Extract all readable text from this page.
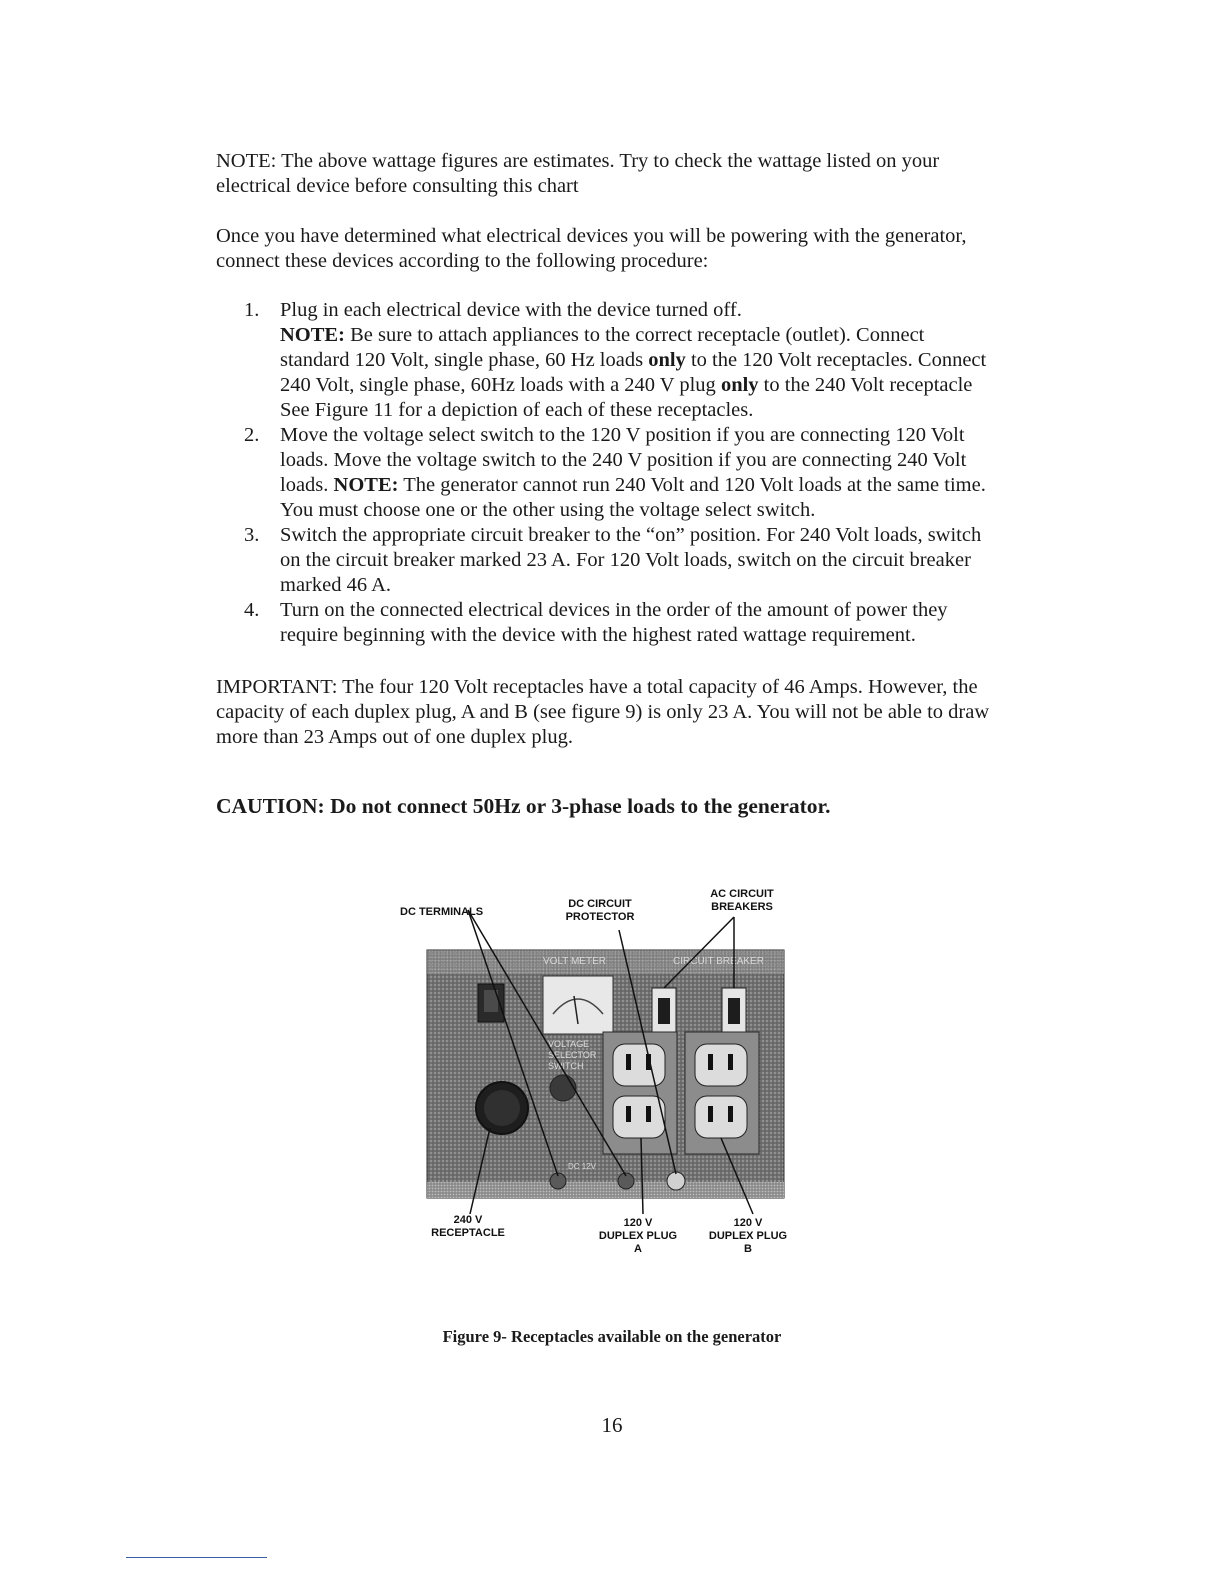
NOTE: The above wattage figures are estimates. Try to check the wattage listed on your electrical device before consulting this chart

Once you have determined what electrical devices you will be powering with the generator, connect these devices according to the following procedure:

1. Plug in each electrical device with the device turned off.
NOTE: Be sure to attach appliances to the correct receptacle (outlet). Connect standard 120 Volt, single phase, 60 Hz loads only to the 120 Volt receptacles. Connect 240 Volt, single phase, 60Hz loads with a 240 V plug only to the 240 Volt receptacle See Figure 11 for a depiction of each of these receptacles.
2. Move the voltage select switch to the 120 V position if you are connecting 120 Volt loads. Move the voltage switch to the 240 V position if you are connecting 240 Volt loads. NOTE: The generator cannot run 240 Volt and 120 Volt loads at the same time. You must choose one or the other using the voltage select switch.
3. Switch the appropriate circuit breaker to the “on” position. For 240 Volt loads, switch on the circuit breaker marked 23 A. For 120 Volt loads, switch on the circuit breaker marked 46 A.
4. Turn on the connected electrical devices in the order of the amount of power they require beginning with the device with the highest rated wattage requirement.

IMPORTANT: The four 120 Volt receptacles have a total capacity of 46 Amps. However, the capacity of each duplex plug, A and B (see figure 9) is only 23 A. You will not be able to draw more than 23 Amps out of one duplex plug.

CAUTION: Do not connect 50Hz or 3-phase loads to the generator.

VOLT METER	CIRCUIT BREAKER
VOLTAGE
SELECTOR
SWITCH
DC 12V
DC TERMINALS
DC CIRCUIT
PROTECTOR
AC CIRCUIT
BREAKERS
240 V
RECEPTACLE
120 V
DUPLEX PLUG
A
120 V
DUPLEX PLUG
B

Figure 9- Receptacles available on the generator

16
